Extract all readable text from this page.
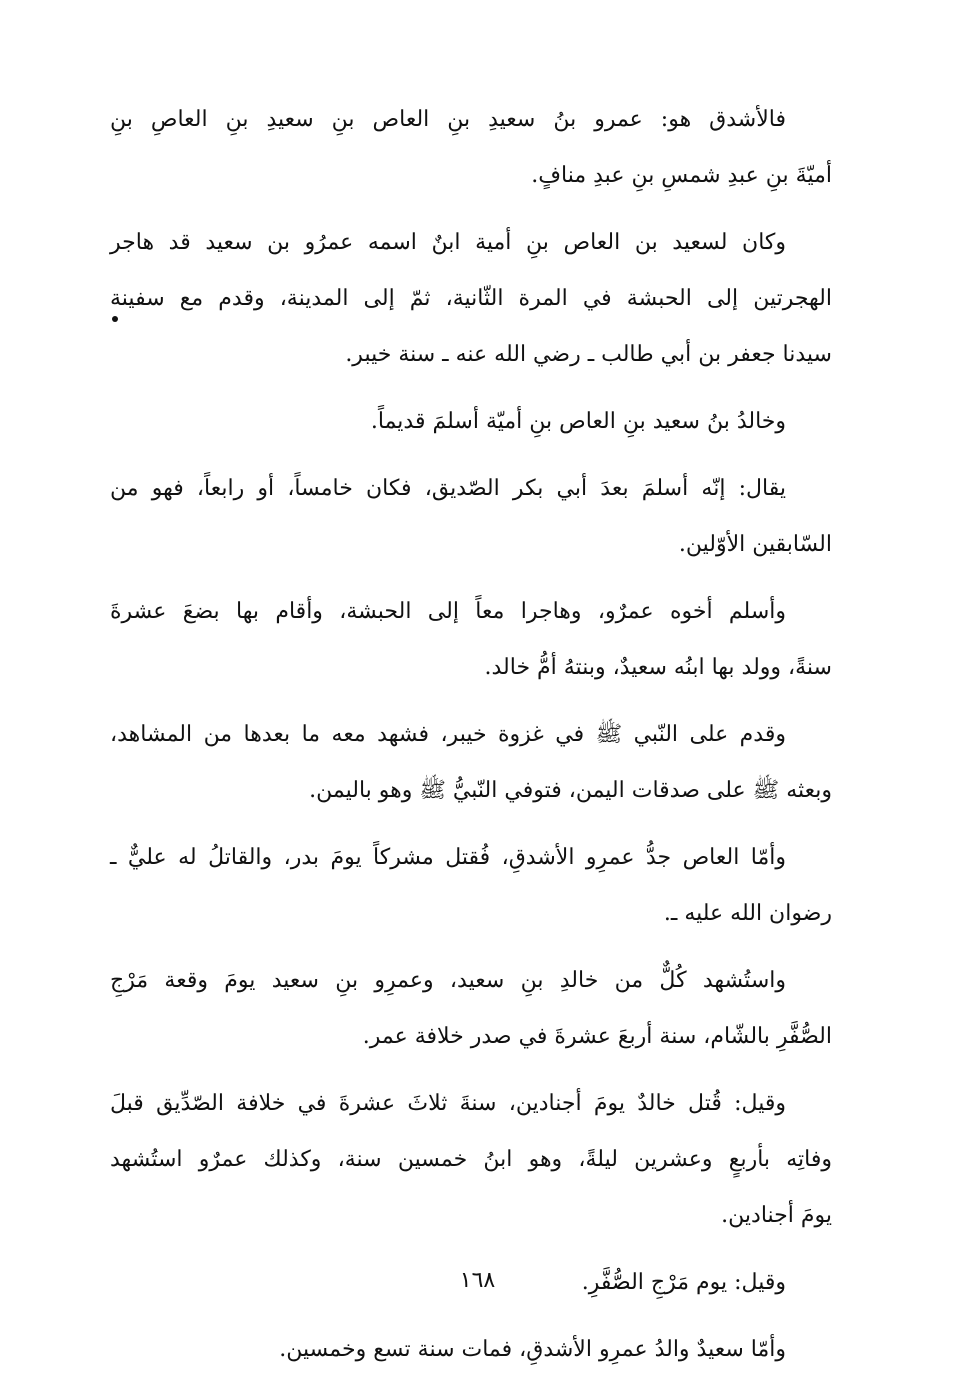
فالأشدق هو: عمرو بنُ سعيدِ بنِ العاص بنِ سعيدِ بنِ العاصِ بنِ
أميّةَ بنِ عبدِ شمسِ بنِ عبدِ منافٍ.

وكان لسعيد بن العاص بنِ أمية ابنٌ اسمه عمرُو بن سعيد قد هاجر
الهجرتين إلى الحبشة في المرة الثّانية، ثمّ إلى المدينة، وقدم مع سفينة
سيدنا جعفر بن أبي طالب ـ رضي الله عنه ـ سنة خيبر.

وخالدُ بنُ سعيد بنِ العاص بنِ أميّة أسلمَ قديماً.

يقال: إنّه أسلمَ بعدَ أبي بكر الصّديق، فكان خامساً، أو رابعاً، فهو من
السّابقين الأوّلين.

وأسلم أخوه عمرٌو، وهاجرا معاً إلى الحبشة، وأقام بها بضعَ عشرةَ
سنةً، وولد بها ابنُه سعيدٌ، وبنتهُ أمُّ خالد.

وقدم على النّبي ﷺ في غزوة خيبر، فشهد معه ما بعدها من المشاهد،
وبعثه ﷺ على صدقات اليمن، فتوفي النّبيُّ ﷺ وهو باليمن.

وأمّا العاص جدُّ عمرِو الأشدقِ، فُقتل مشركاً يومَ بدر، والقاتلُ له عليٌّ ـ
رضوان الله عليه ـ.

واستُشهد كُلٌّ من خالدِ بنِ سعيد، وعمرِو بنِ سعيد يومَ وقعة مَرْجِ
الصُّفَّرِ بالشّام، سنة أربعَ عشرةَ في صدر خلافة عمر.

وقيل: قُتل خالدٌ يومَ أجنادين، سنةَ ثلاثَ عشرةَ في خلافة الصّدِّيق قبلَ
وفاتِه بأربعٍ وعشرين ليلةً، وهو ابنُ خمسين سنة، وكذلك عمرٌو استُشهد
يومَ أجنادين.

وقيل: يوم مَرْجِ الصُّفَّرِ.

وأمّا سعيدٌ والدُ عمرِو الأشدقِ، فمات سنة تسع وخمسين.

١٦٨
